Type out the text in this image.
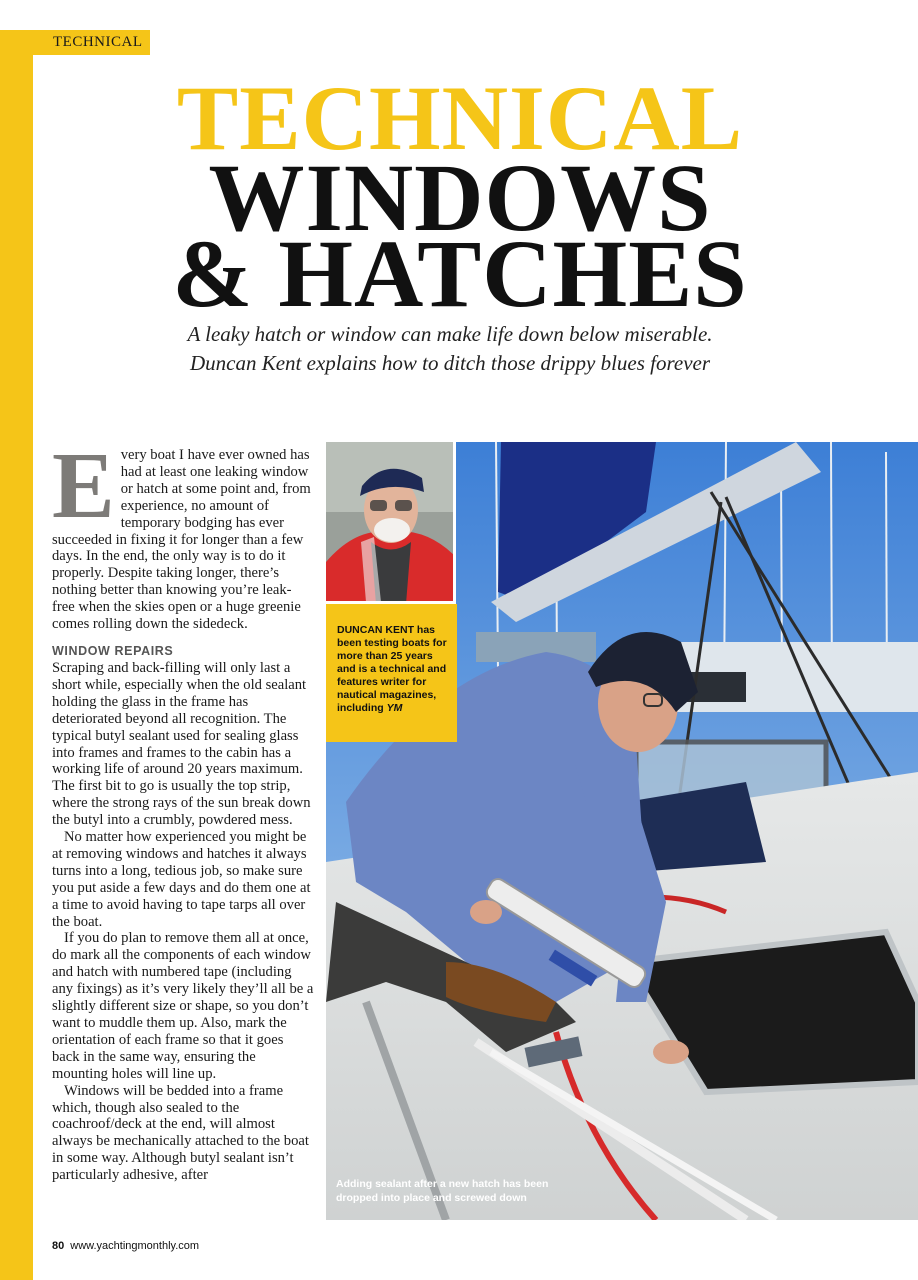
TECHNICAL
TECHNICAL
WINDOWS
& HATCHES
A leaky hatch or window can make life down below miserable.
Duncan Kent explains how to ditch those drippy blues forever

Every boat I have ever owned has had at least one leaking window or hatch at some point and, from experience, no amount of temporary bodging has ever succeeded in fixing it for longer than a few days. In the end, the only way is to do it properly. Despite taking longer, there’s nothing better than knowing you’re leak-free when the skies open or a huge greenie comes rolling down the sidedeck.

WINDOW REPAIRS

Scraping and back-filling will only last a short while, especially when the old sealant holding the glass in the frame has deteriorated beyond all recognition. The typical butyl sealant used for sealing glass into frames and frames to the cabin has a working life of around 20 years maximum. The first bit to go is usually the top strip, where the strong rays of the sun break down the butyl into a crumbly, powdered mess.

No matter how experienced you might be at removing windows and hatches it always turns into a long, tedious job, so make sure you put aside a few days and do them one at a time to avoid having to tape tarps all over the boat.

If you do plan to remove them all at once, do mark all the components of each window and hatch with numbered tape (including any fixings) as it’s very likely they’ll all be a slightly different size or shape, so you don’t want to muddle them up. Also, mark the orientation of each frame so that it goes back in the same way, ensuring the mounting holes will line up.

Windows will be bedded into a frame which, though also sealed to the coachroof/deck at the end, will almost always be mechanically attached to the boat in some way. Although butyl sealant isn’t particularly adhesive, after

DUNCAN KENT has been testing boats for more than 25 years and is a technical and features writer for nautical magazines, including YM
Adding sealant after a new hatch has been
dropped into place and screwed down
80 www.yachtingmonthly.com
